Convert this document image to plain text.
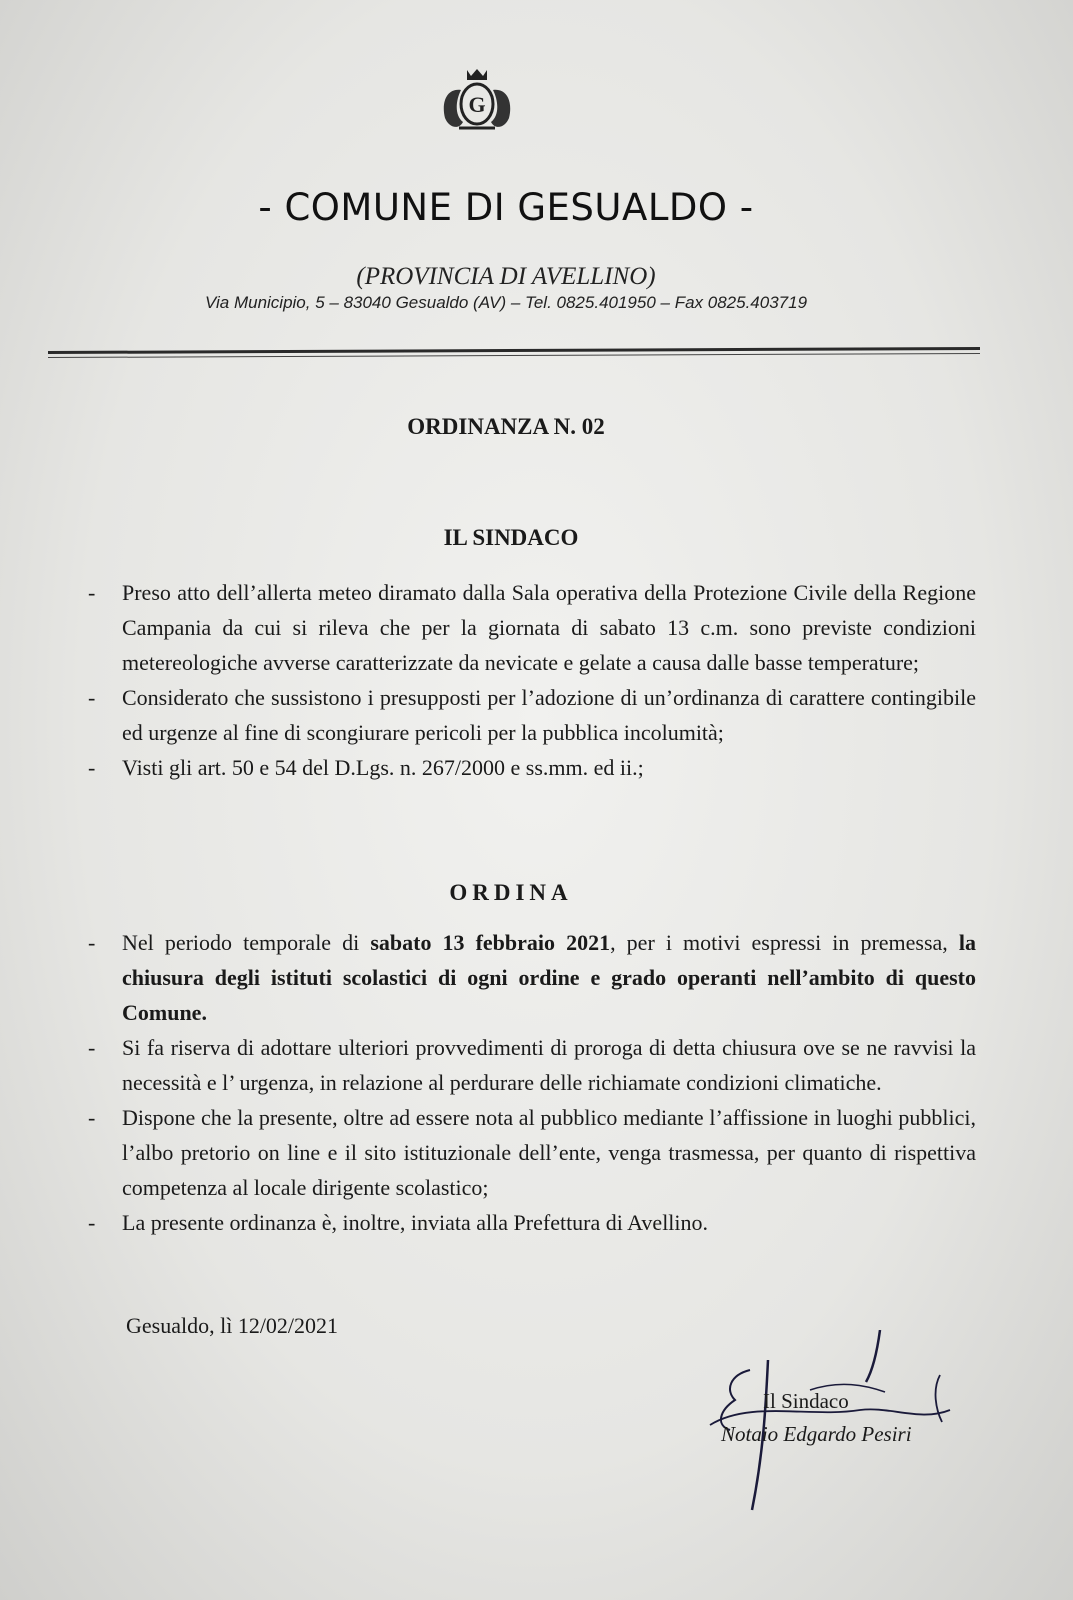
G
- COMUNE DI GESUALDO -
(PROVINCIA DI AVELLINO)
Via Municipio, 5 – 83040 Gesualdo (AV) – Tel. 0825.401950 – Fax 0825.403719
ORDINANZA N. 02
IL SINDACO
- Preso atto dell’allerta meteo diramato dalla Sala operativa della Protezione Civile della Regione Campania da cui si rileva che per la giornata di sabato 13 c.m. sono previste condizioni metereologiche avverse caratterizzate da nevicate e gelate a causa dalle basse temperature;
- Considerato che sussistono i presupposti per l’adozione di un’ordinanza di carattere contingibile ed urgenze al fine di scongiurare pericoli per la pubblica incolumità;
- Visti gli art. 50 e 54 del D.Lgs. n. 267/2000 e ss.mm. ed ii.;
ORDINA
- Nel periodo temporale di sabato 13 febbraio 2021, per i motivi espressi in premessa, la chiusura degli istituti scolastici di ogni ordine e grado operanti nell’ambito di questo Comune.
- Si fa riserva di adottare ulteriori provvedimenti di proroga di detta chiusura ove se ne ravvisi la necessità e l’ urgenza, in relazione al perdurare delle richiamate condizioni climatiche.
- Dispone che la presente, oltre ad essere nota al pubblico mediante l’affissione in luoghi pubblici, l’albo pretorio on line e il sito istituzionale dell’ente, venga trasmessa, per quanto di rispettiva competenza al locale dirigente scolastico;
- La presente ordinanza è, inoltre, inviata alla Prefettura di Avellino.
Gesualdo, lì 12/02/2021
Il Sindaco
Notaio Edgardo Pesiri
